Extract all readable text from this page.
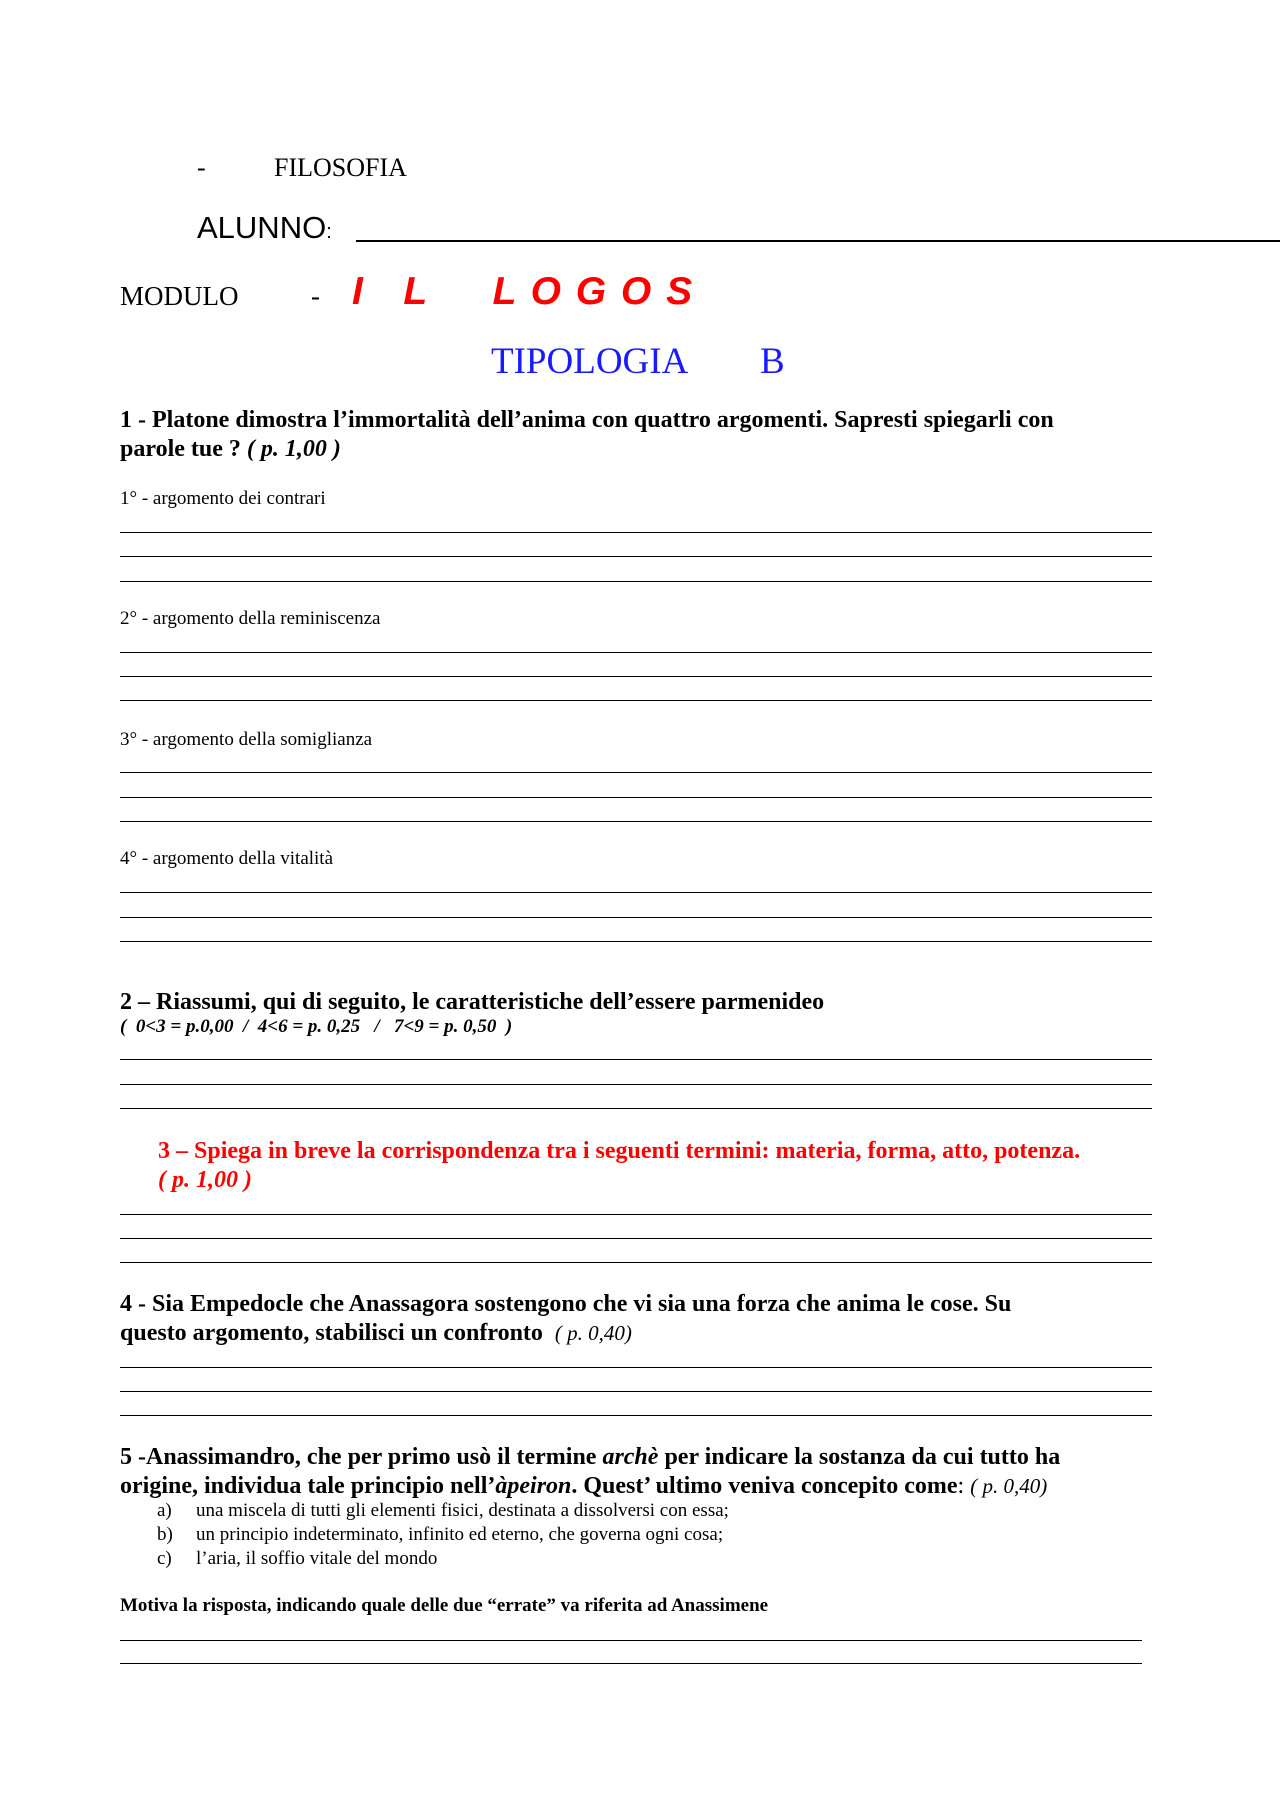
-	FILOSOFIA
ALUNNO:
MODULO	- I   L     L O G O S
TIPOLOGIA B
1 - Platone dimostra l’immortalità dell’anima con quattro argomenti. Sapresti spiegarli con
parole tue ? ( p. 1,00 )
1° - argomento dei contrari
2° - argomento della reminiscenza
3° - argomento della somiglianza
4° - argomento della vitalità
2 – Riassumi, qui di seguito, le caratteristiche dell’essere parmenideo
(  0<3 = p.0,00  /  4<6 = p. 0,25   /   7<9 = p. 0,50  )
3 – Spiega in breve la corrispondenza tra i seguenti termini: materia, forma, atto, potenza.
( p. 1,00 )
4 - Sia Empedocle che Anassagora sostengono che vi sia una forza che anima le cose. Su
questo argomento, stabilisci un confronto ( p. 0,40)
5 -Anassimandro, che per primo usò il termine archè per indicare la sostanza da cui tutto ha
origine, individua tale principio nell’àpeiron. Quest’ ultimo veniva concepito come: ( p. 0,40)
a) una miscela di tutti gli elementi fisici, destinata a dissolversi con essa;
b) un principio indeterminato, infinito ed eterno, che governa ogni cosa;
c) l’aria, il soffio vitale del mondo
Motiva la risposta, indicando quale delle due “errate” va riferita ad Anassimene
